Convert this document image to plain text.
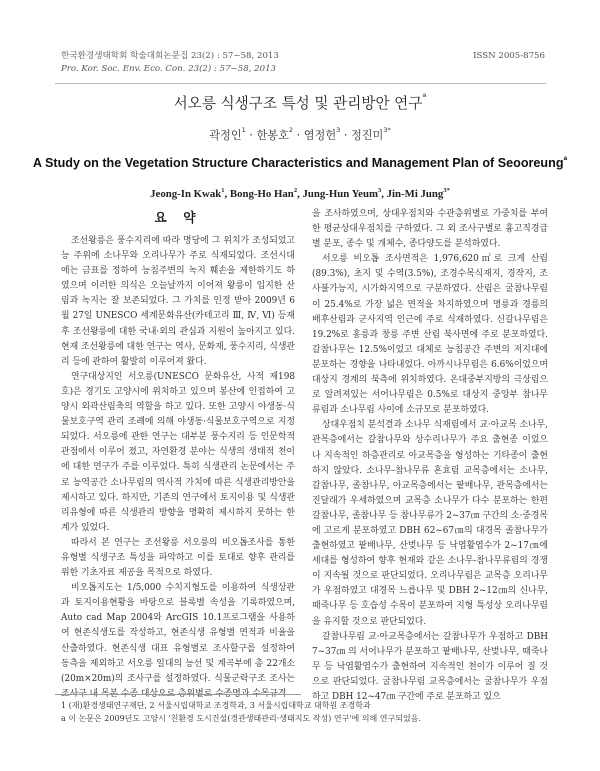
한국환경생태학회 학술대회논문집 23(2) : 57~58, 2013
Pro. Kor. Soc. Env. Eco. Con. 23(2) : 57~58, 2013
ISSN 2005-8756
서오릉 식생구조 특성 및 관리방안 연구$^a$
곽정인$^1$ · 한봉호$^2$ · 염정헌$^3$ · 정진미$^{3*}$
A Study on the Vegetation Structure Characteristics and Management Plan of Seooreung$^a$
Jeong-In Kwak$^1$, Bong-Ho Han$^2$, Jung-Hun Yeum$^3$, Jin-Mi Jung$^{3*}$
요 약

조선왕릉은 풍수지리에 따라 명당에 그 위치가 조성되었고 능 주위에 소나무와 오리나무가 주로 식재되었다. 조선시대에는 금표를 정하여 능침주변의 녹지 훼손을 제한하기도 하였으며 이러한 의식은 오늘날까지 이어져 왕릉이 입지한 산림과 녹지는 잘 보존되었다. 그 가치를 인정 받아 2009년 6월 27일 UNESCO 세계문화유산(카테고리 Ⅲ, Ⅳ, Ⅵ) 등재 후 조선왕릉에 대한 국내·외의 관심과 지원이 높아지고 있다. 현재 조선왕릉에 대한 연구는 역사, 문화재, 풍수지리, 식생관리 등에 관하여 활발히 이루어져 왔다.

연구대상지인 서오릉(UNESCO 문화유산, 사적 제198호)은 경기도 고양시에 위치하고 있으며 봉산에 인접하여 고양시 외곽산림축의 역할을 하고 있다. 또한 고양시 야생동·식물보호구역 관리 조례에 의해 야생동·식물보호구역으로 지정되었다. 서오릉에 관한 연구는 대부분 풍수지리 등 인문학적 관점에서 이루어 졌고, 자연환경 분야는 식생의 생태적 천이에 대한 연구가 주를 이루었다. 특히 식생관리 논문에서는 주로 능역공간 소나무림의 역사적 가치에 따른 식생관리방안을 제시하고 있다. 하지만, 기존의 연구에서 토지이용 및 식생관리유형에 따른 식생관리 방향을 명확히 제시하지 못하는 한계가 있었다.

따라서 본 연구는 조선왕릉 서오릉의 비오톱조사를 통한 유형별 식생구조 특성을 파악하고 이를 토대로 향후 관리를 위한 기초자료 제공을 목적으로 하였다.

비오톱지도는 1/5,000 수치지형도를 이용하여 식생상관과 토지이용현황을 바탕으로 블록별 속성을 기록하였으며, Auto cad Map 2004와 ArcGIS 10.1프로그램을 사용하여 현존식생도를 작성하고, 현존식생 유형별 면적과 비율을 산출하였다. 현존식생 대표 유형별로 조사할구를 설정하여 동측을 제외하고 서오릉 일대의 능선 및 계곡부에 총 22개소(20m×20m)의 조사구를 설정하였다. 식물군락구조 조사는 조사구 내 목본 수종 대상으로 층위별로 수종명과 수목규격

을 조사하였으며, 상대우점치와 수관층위별로 가중치를 부여한 평균상대우점치를 구하였다. 그 외 조사구별로 흉고직경급별 분포, 종수 및 개체수, 종다양도를 분석하였다.

서오릉 비오톱 조사면적은 1,976,620㎡로 크게 산림(89.3%), 초지 및 수역(3.5%), 조경수목식재지, 경작지, 조사불가능지, 시가화지역으로 구분하였다. 산림은 굴참나무림이 25.4%로 가장 넓은 면적을 차지하였으며 명릉과 경릉의 배후산림과 군사지역 인근에 주로 식재하였다. 신갈나무림은 19.2%로 홍릉과 창릉 주변 산림 북사면에 주로 분포하였다. 갈참나무는 12.5%이었고 대체로 능침공간 주변의 저지대에 분포하는 경향을 나타내었다. 아까시나무림은 6.6%이었으며 대상지 경계의 북측에 위치하였다. 온대중부지방의 극상림으로 알려져있는 서어나무림은 0.5%로 대상지 중앙부 참나무류림과 소나무림 사이에 소규모로 분포하였다.

상대우점치 분석결과 소나무 식재림에서 교·아교목 소나무, 관목층에서는 갈참나무와 상수리나무가 주요 출현종 이었으나 지속적인 하층관리로 아교목층을 형성하는 기타종이 출현하지 않았다. 소나무-참나무류 혼효림 교목층에서는 소나무, 갈참나무, 졸참나무, 아교목층에서는 팥배나무, 관목층에서는 진달래가 우세하였으며 교목층 소나무가 다수 분포하는 한편 갈참나무, 졸참나무 등 참나무류가 2~37㎝ 구간의 소·중경목에 고르게 분포하였고 DBH 62~67㎝의 대경목 졸참나무가 출현하였고 팥배나무, 산벚나무 등 낙엽활엽수가 2~17㎝에 세대를 형성하여 향후 현재와 같은 소나무-참나무류림의 경쟁이 지속될 것으로 판단되었다. 오리나무림은 교목층 오리나무가 우점하였고 대경목 느릅나무 및 DBH 2~12㎝의 신나무, 때죽나무 등 호습성 수목이 분포하여 지형 특성상 오리나무림을 유지할 것으로 판단되었다.

갈참나무림 교·아교목층에서는 갈참나무가 우점하고 DBH 7~37㎝ 의 서어나무가 분포하고 팥배나무, 산벚나무, 때죽나무 등 낙엽활엽수가 출현하여 지속적인 천이가 이루어 질 것으로 판단되었다. 굴참나무림 교목층에서는 굴참나무가 우점하고 DBH 12~47㎝ 구간에 주로 분포하고 있으

1 (재)환경생태연구재단, 2 서울시립대학교 조경학과, 3 서울시립대학교 대학원 조경학과
a 이 논문은 2009년도 고양시 '친환경 도시건설(경관생태관리·생태지도 작성) 연구'에 의해 연구되었음.
